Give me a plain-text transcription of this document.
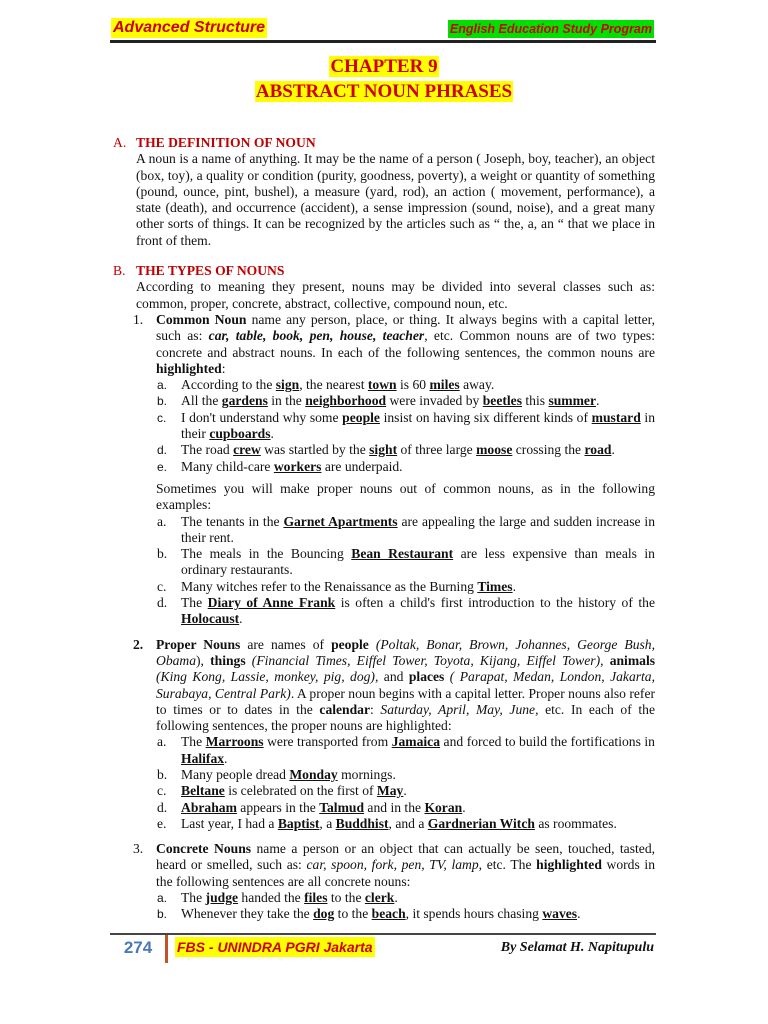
Advanced Structure	English Education Study Program
CHAPTER 9
ABSTRACT NOUN PHRASES
A. THE DEFINITION OF NOUN
A noun is a name of anything. It may be the name of a person ( Joseph, boy, teacher), an object (box, toy), a quality or condition (purity, goodness, poverty), a weight or quantity of something (pound, ounce, pint, bushel), a measure (yard, rod), an action ( movement, performance), a state (death), and occurrence (accident), a sense impression (sound, noise), and a great many other sorts of things. It can be recognized by the articles such as “ the, a, an “ that we place in front of them.
B. THE TYPES OF NOUNS
According to meaning they present, nouns may be divided into several classes such as: common, proper, concrete, abstract, collective, compound noun, etc.
1. Common Noun name any person, place, or thing. It always begins with a capital letter, such as: car, table, book, pen, house, teacher, etc. Common nouns are of two types: concrete and abstract nouns. In each of the following sentences, the common nouns are highlighted:
a. According to the sign, the nearest town is 60 miles away.
b. All the gardens in the neighborhood were invaded by beetles this summer.
c. I don't understand why some people insist on having six different kinds of mustard in their cupboards.
d. The road crew was startled by the sight of three large moose crossing the road.
e. Many child-care workers are underpaid.
Sometimes you will make proper nouns out of common nouns, as in the following examples:
a. The tenants in the Garnet Apartments are appealing the large and sudden increase in their rent.
b. The meals in the Bouncing Bean Restaurant are less expensive than meals in ordinary restaurants.
c. Many witches refer to the Renaissance as the Burning Times.
d. The Diary of Anne Frank is often a child's first introduction to the history of the Holocaust.
2. Proper Nouns are names of people (Poltak, Bonar, Brown, Johannes, George Bush, Obama), things (Financial Times, Eiffel Tower, Toyota, Kijang, Eiffel Tower), animals (King Kong, Lassie, monkey, pig, dog), and places ( Parapat, Medan, London, Jakarta, Surabaya, Central Park). A proper noun begins with a capital letter. Proper nouns also refer to times or to dates in the calendar: Saturday, April, May, June, etc. In each of the following sentences, the proper nouns are highlighted:
a. The Marroons were transported from Jamaica and forced to build the fortifications in Halifax.
b. Many people dread Monday mornings.
c. Beltane is celebrated on the first of May.
d. Abraham appears in the Talmud and in the Koran.
e. Last year, I had a Baptist, a Buddhist, and a Gardnerian Witch as roommates.
3. Concrete Nouns name a person or an object that can actually be seen, touched, tasted, heard or smelled, such as: car, spoon, fork, pen, TV, lamp, etc. The highlighted words in the following sentences are all concrete nouns:
a. The judge handed the files to the clerk.
b. Whenever they take the dog to the beach, it spends hours chasing waves.
274	FBS - UNINDRA PGRI Jakarta	By Selamat H. Napitupulu
